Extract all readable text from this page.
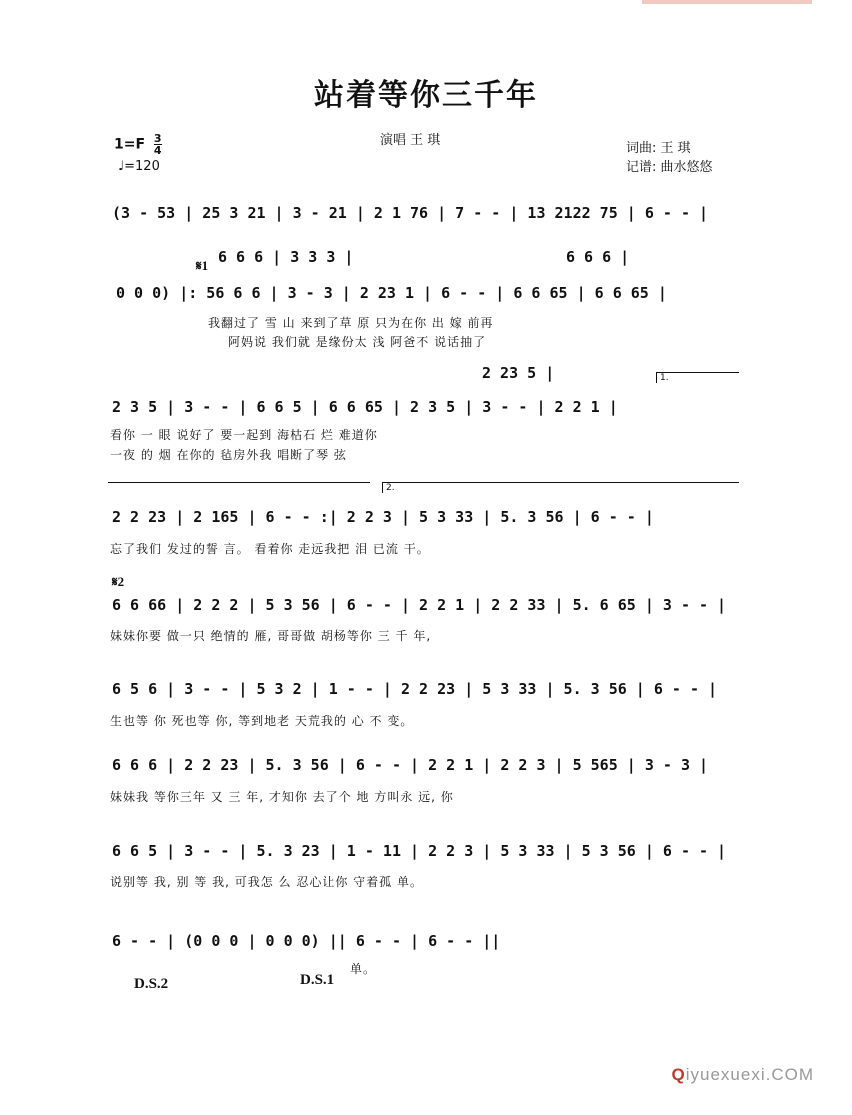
站着等你三千年
$1=F \frac{3}{4}$
♩=120
演唱 王 琪
词曲: 王 琪
记谱: 曲水悠悠
(3 - 53 | 25 3 21 | 3 - 21 | 2 1 76 | 7 - - | 13 2122 75 | 6 - - |
𝄋1 6 6 6 | 3 3 3 |	6 6 6 |
0 0 0) |: 56 6 6 | 3 - 3 | 2 23 1 | 6 - - | 6 6 65 | 6 6 65 |
我翻过了 雪 山 来到了草 原 只为在你 出 嫁 前再
阿妈说 我们就 是缘份太 浅 阿爸不 说话抽了
2 23 5 |	1.
2 3 5 | 3 - - | 6 6 5 | 6 6 65 | 2 3 5 | 3 - - | 2 2 1 |
看你 一 眼 说好了 要一起到 海枯石 烂 难道你
一夜 的 烟 在你的 毡房外我 唱断了琴 弦
2.
2 2 23 | 2 165 | 6 - - :| 2 2 3 | 5 3 33 | 5. 3 56 | 6 - - |
忘了我们 发过的誓 言。 看着你 走远我把 泪 已流 干。
𝄋2
6 6 66 | 2 2 2 | 5 3 56 | 6 - - | 2 2 1 | 2 2 33 | 5. 6 65 | 3 - - |
妹妹你要 做一只 绝情的 雁, 哥哥做 胡杨等你 三 千 年,
6 5 6 | 3 - - | 5 3 2 | 1 - - | 2 2 23 | 5 3 33 | 5. 3 56 | 6 - - |
生也等 你 死也等 你, 等到地老 天荒我的 心 不 变。
6 6 6 | 2 2 23 | 5. 3 56 | 6 - - | 2 2 1 | 2 2 3 | 5 565 | 3 - 3 |
妹妹我 等你三年 又 三 年, 才知你 去了个 地 方叫永 远, 你
6 6 5 | 3 - - | 5. 3 23 | 1 - 11 | 2 2 3 | 5 3 33 | 5 3 56 | 6 - - |
说别等 我, 别 等 我, 可我怎 么 忍心让你 守着孤 单。
6 - - | (0 0 0 | 0 0 0) || 6 - - | 6 - - ||
单。
D.S.2	D.S.1
Qiyuexuexi.COM
